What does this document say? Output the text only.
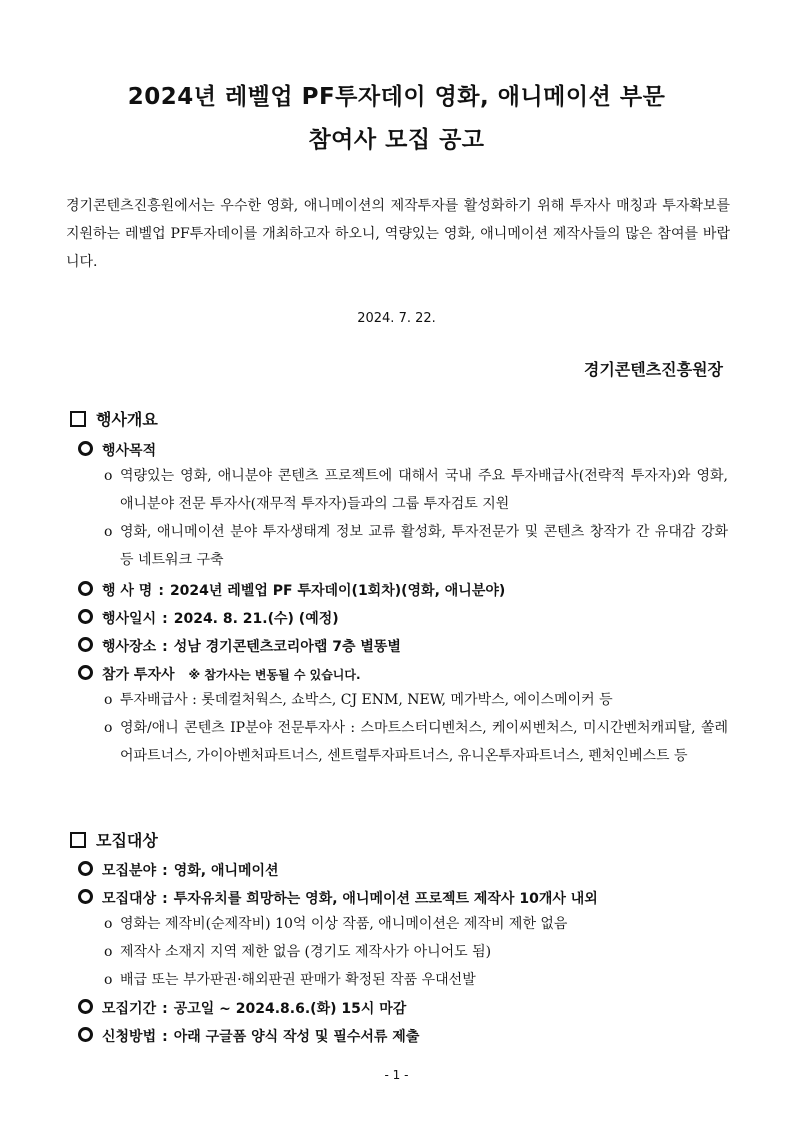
2024년 레벨업 PF투자데이 영화, 애니메이션 부문
참여사 모집 공고
경기콘텐츠진흥원에서는 우수한 영화, 애니메이션의 제작투자를 활성화하기 위해 투자사 매칭과 투자확보를 지원하는 레벨업 PF투자데이를 개최하고자 하오니, 역량있는 영화, 애니메이션 제작사들의 많은 참여를 바랍니다.
2024. 7. 22.
경기콘텐츠진흥원장
행사개요
행사목적
o 역량있는 영화, 애니분야 콘텐츠 프로젝트에 대해서 국내 주요 투자배급사(전략적 투자자)와 영화, 애니분야 전문 투자사(재무적 투자자)들과의 그룹 투자검토 지원
o 영화, 애니메이션 분야 투자생태계 정보 교류 활성화, 투자전문가 및 콘텐츠 창작가 간 유대감 강화 등 네트워크 구축
행 사 명 : 2024년 레벨업 PF 투자데이(1회차)(영화, 애니분야)
행사일시 : 2024. 8. 21.(수) (예정)
행사장소 : 성남 경기콘텐츠코리아랩 7층 별똥별
참가 투자사 ※ 참가사는 변동될 수 있습니다.
o 투자배급사 : 롯데컬처웍스, 쇼박스, CJ ENM, NEW, 메가박스, 에이스메이커 등
o 영화/애니 콘텐츠 IP분야 전문투자사 : 스마트스터디벤처스, 케이씨벤처스, 미시간벤처캐피탈, 쏠레어파트너스, 가이아벤처파트너스, 센트럴투자파트너스, 유니온투자파트너스, 펜처인베스트 등
모집대상
모집분야 : 영화, 애니메이션
모집대상 : 투자유치를 희망하는 영화, 애니메이션 프로젝트 제작사 10개사 내외
o 영화는 제작비(순제작비) 10억 이상 작품, 애니메이션은 제작비 제한 없음
o 제작사 소재지 지역 제한 없음 (경기도 제작사가 아니어도 됨)
o 배급 또는 부가판권·해외판권 판매가 확정된 작품 우대선발
모집기간 : 공고일 ~ 2024.8.6.(화) 15시 마감
신청방법 : 아래 구글폼 양식 작성 및 필수서류 제출
- 1 -
